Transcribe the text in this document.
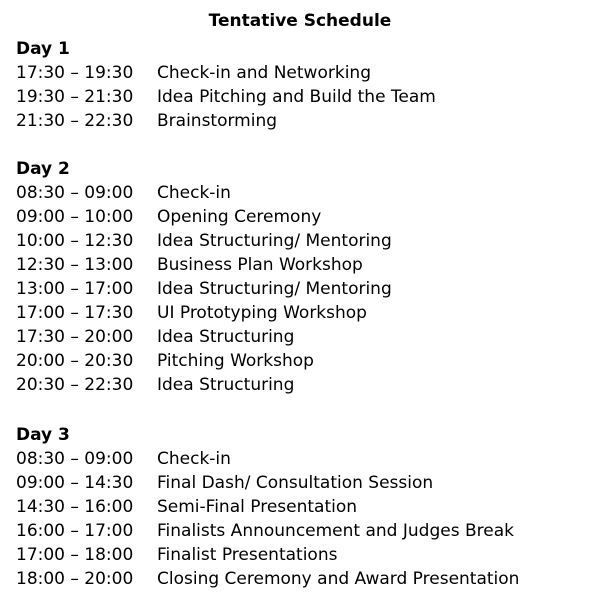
Tentative Schedule
Day 1
17:30 – 19:30	Check-in and Networking
19:30 – 21:30	Idea Pitching and Build the Team
21:30 – 22:30	Brainstorming
Day 2
08:30 – 09:00	Check-in
09:00 – 10:00	Opening Ceremony
10:00 – 12:30	Idea Structuring/ Mentoring
12:30 – 13:00	Business Plan Workshop
13:00 – 17:00	Idea Structuring/ Mentoring
17:00 – 17:30	UI Prototyping Workshop
17:30 – 20:00	Idea Structuring
20:00 – 20:30	Pitching Workshop
20:30 – 22:30	Idea Structuring
Day 3
08:30 – 09:00	Check-in
09:00 – 14:30	Final Dash/ Consultation Session
14:30 – 16:00	Semi-Final Presentation
16:00 – 17:00	Finalists Announcement and Judges Break
17:00 – 18:00	Finalist Presentations
18:00 – 20:00	Closing Ceremony and Award Presentation
